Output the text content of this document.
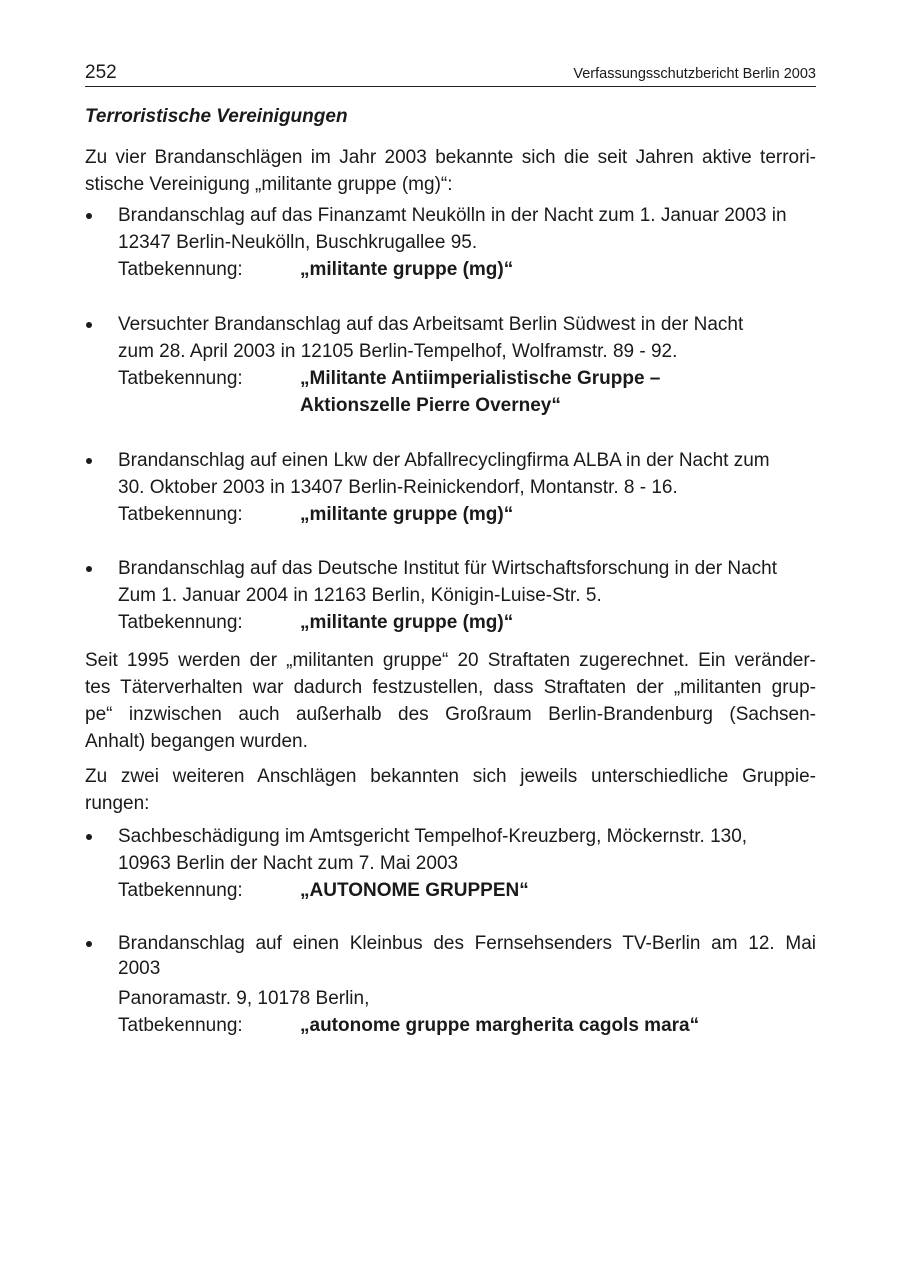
252	Verfassungsschutzbericht Berlin 2003
Terroristische Vereinigungen
Zu vier Brandanschlägen im Jahr 2003 bekannte sich die seit Jahren aktive terrori-
stische Vereinigung „militante gruppe (mg)“:
Brandanschlag auf das Finanzamt Neukölln in der Nacht zum 1. Januar 2003 in
12347 Berlin-Neukölln, Buschkrugallee 95.
Tatbekennung:	„militante gruppe (mg)“
Versuchter Brandanschlag auf das Arbeitsamt Berlin Südwest in der Nacht
zum 28. April 2003 in 12105 Berlin-Tempelhof, Wolframstr. 89 - 92.
Tatbekennung:	„Militante Antiimperialistische Gruppe –
Aktionszelle Pierre Overney“
Brandanschlag auf einen Lkw der Abfallrecyclingfirma ALBA in der Nacht zum
30. Oktober 2003 in 13407 Berlin-Reinickendorf, Montanstr. 8 - 16.
Tatbekennung:	„militante gruppe (mg)“
Brandanschlag auf das Deutsche Institut für Wirtschaftsforschung in der Nacht
Zum 1. Januar 2004 in 12163 Berlin, Königin-Luise-Str. 5.
Tatbekennung:	„militante gruppe (mg)“
Seit 1995 werden der „militanten gruppe“ 20 Straftaten zugerechnet. Ein veränder-
tes Täterverhalten war dadurch festzustellen, dass Straftaten der „militanten grup-
pe“ inzwischen auch außerhalb des Großraum Berlin-Brandenburg (Sachsen-
Anhalt) begangen wurden.
Zu zwei weiteren Anschlägen bekannten sich jeweils unterschiedliche Gruppie-
rungen:
Sachbeschädigung im Amtsgericht Tempelhof-Kreuzberg, Möckernstr. 130,
10963 Berlin der Nacht zum 7. Mai 2003
Tatbekennung:	„AUTONOME GRUPPEN“
Brandanschlag auf einen Kleinbus des Fernsehsenders TV-Berlin am 12. Mai
2003
Panoramastr. 9, 10178 Berlin,
Tatbekennung:	„autonome gruppe margherita cagols mara“
